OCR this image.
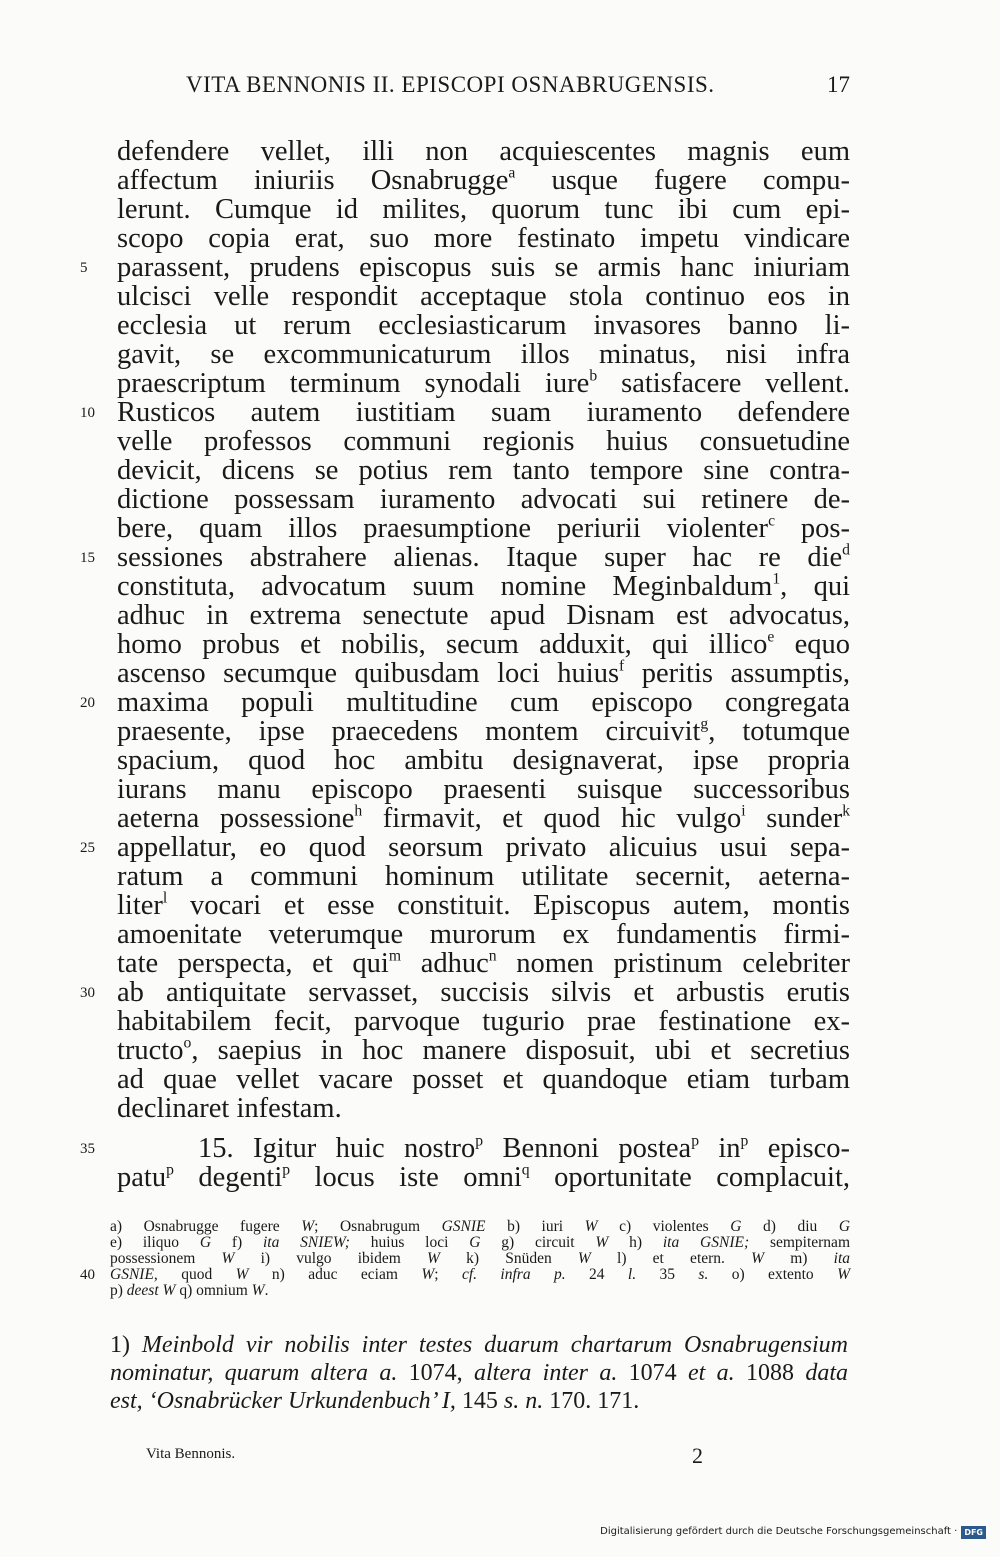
VITA BENNONIS II. EPISCOPI OSNABRUGENSIS.	17
defendere vellet, illi non acquiescentes magnis eum
affectum iniuriis Osnabrugge$^a$ usque fugere compu-
lerunt. Cumque id milites, quorum tunc ibi cum epi-
scopo copia erat, suo more festinato impetu vindicare
parassent, prudens episcopus suis se armis hanc iniuriam
5
ulcisci velle respondit acceptaque stola continuo eos in
ecclesia ut rerum ecclesiasticarum invasores banno li-
gavit, se excommunicaturum illos minatus, nisi infra
praescriptum terminum synodali iure$^b$ satisfacere vellent.
Rusticos autem iustitiam suam iuramento defendere
10
velle professos communi regionis huius consuetudine
devicit, dicens se potius rem tanto tempore sine contra-
dictione possessam iuramento advocati sui retinere de-
bere, quam illos praesumptione periurii violenter$^c$ pos-
sessiones abstrahere alienas. Itaque super hac re die$^d$
15
constituta, advocatum suum nomine Meginbaldum$^1$, qui
adhuc in extrema senectute apud Disnam est advocatus,
homo probus et nobilis, secum adduxit, qui illico$^e$ equo
ascenso secumque quibusdam loci huius$^f$ peritis assumptis,
maxima populi multitudine cum episcopo congregata
20
praesente, ipse praecedens montem circuivit$^g$, totumque
spacium, quod hoc ambitu designaverat, ipse propria
iurans manu episcopo praesenti suisque successoribus
aeterna possessione$^h$ firmavit, et quod hic vulgo$^i$ sunder$^k$
appellatur, eo quod seorsum privato alicuius usui sepa-
25
ratum a communi hominum utilitate secernit, aeterna-
liter$^l$ vocari et esse constituit. Episcopus autem, montis
amoenitate veterumque murorum ex fundamentis firmi-
tate perspecta, et qui$^m$ adhuc$^n$ nomen pristinum celebriter
ab antiquitate servasset, succisis silvis et arbustis erutis
30
habitabilem fecit, parvoque tugurio prae festinatione ex-
tructo$^o$, saepius in hoc manere disposuit, ubi et secretius
ad quae vellet vacare posset et quandoque etiam turbam
declinaret infestam.
15. Igitur huic nostro$^p$ Bennoni postea$^p$ $in^p$ episco-
35
patu$^p$ degenti$^p$ locus iste omni$^q$ oportunitate complacuit,
a) Osnabrugge fugere W; Osnabrugum GSNIE b) iuri W c) violentes G d) diu G
e) iliquo G f) ita SNIEW; huius loci G g) circuit W h) ita GSNIE; sempiternam
possessionem W i) vulgo ibidem W k) Snüden W l) et etern. W m) ita
GSNIE, quod W n) aduc eciam W; cf. infra p. 24 l. 35 s. o) extento W
40
p) deest W q) omnium W.
1) Meinbold vir nobilis inter testes duarum chartarum Osnabrugensium
nominatur, quarum altera a. 1074, altera inter a. 1074 et a. 1088 data
est, ‘Osnabrücker Urkundenbuch’ I, 145 s. n. 170. 171.
Vita Bennonis.	2
Digitalisierung gefördert durch die Deutsche Forschungsgemeinschaft · DFG
